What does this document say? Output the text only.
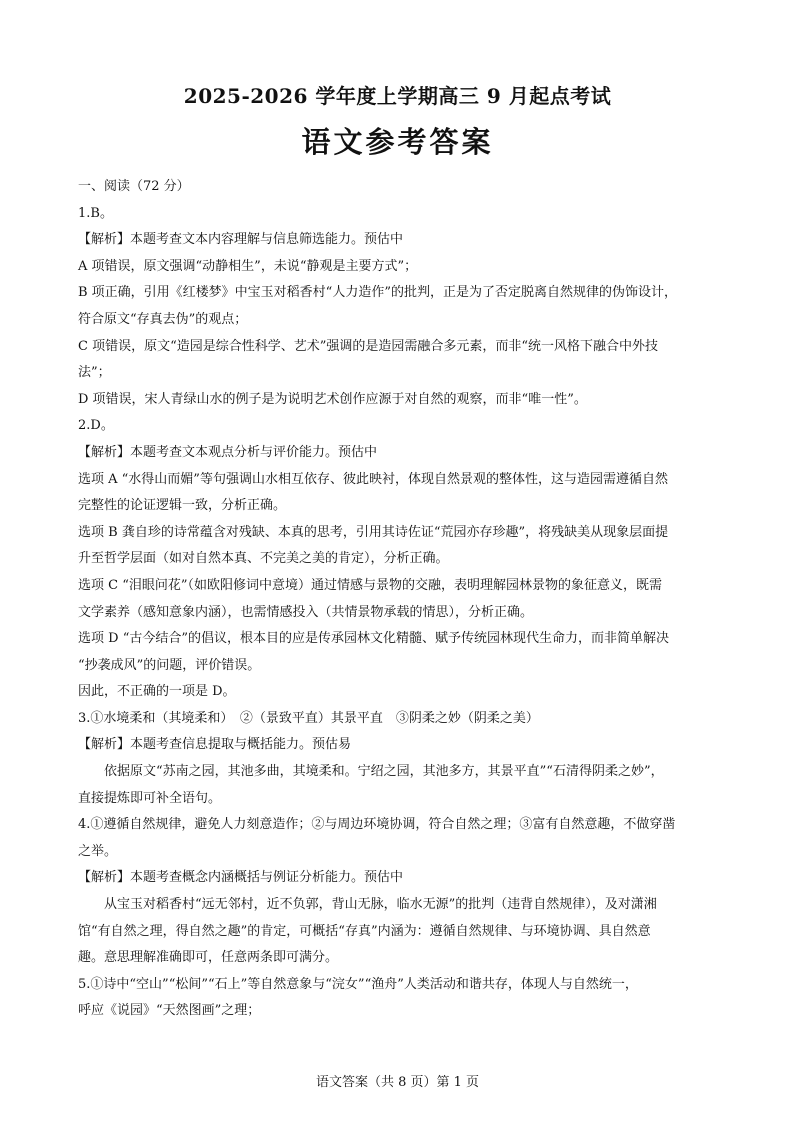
2025-2026 学年度上学期高三 9 月起点考试
语文参考答案

一、阅读（72 分）

1.B。

【解析】本题考查文本内容理解与信息筛选能力。预估中

A 项错误，原文强调“动静相生”，未说“静观是主要方式”；

B 项正确，引用《红楼梦》中宝玉对稻香村“人力造作”的批判，正是为了否定脱离自然规律的伪饰设计，

符合原文“存真去伪”的观点；

C 项错误，原文“造园是综合性科学、艺术”强调的是造园需融合多元素，而非“统一风格下融合中外技

法”；

D 项错误，宋人青绿山水的例子是为说明艺术创作应源于对自然的观察，而非“唯一性”。

2.D。

【解析】本题考查文本观点分析与评价能力。预估中

选项 A “水得山而媚”等句强调山水相互依存、彼此映衬，体现自然景观的整体性，这与造园需遵循自然

完整性的论证逻辑一致，分析正确。

选项 B 龚自珍的诗常蕴含对残缺、本真的思考，引用其诗佐证“荒园亦存珍趣”，将残缺美从现象层面提

升至哲学层面（如对自然本真、不完美之美的肯定），分析正确。

选项 C “泪眼问花”（如欧阳修词中意境）通过情感与景物的交融，表明理解园林景物的象征意义，既需

文学素养（感知意象内涵），也需情感投入（共情景物承载的情思），分析正确。

选项 D “古今结合”的倡议，根本目的应是传承园林文化精髓、赋予传统园林现代生命力，而非简单解决

“抄袭成风”的问题，评价错误。

因此，不正确的一项是 D。

3.①水境柔和（其境柔和）　②（景致平直）其景平直　③阴柔之妙（阴柔之美）

【解析】本题考查信息提取与概括能力。预估易

依据原文“苏南之园，其池多曲，其境柔和。宁绍之园，其池多方，其景平直”“石清得阴柔之妙”，

直接提炼即可补全语句。

4.①遵循自然规律，避免人力刻意造作；②与周边环境协调，符合自然之理；③富有自然意趣，不做穿凿

之举。

【解析】本题考查概念内涵概括与例证分析能力。预估中

从宝玉对稻香村“远无邻村，近不负郭，背山无脉，临水无源”的批判（违背自然规律），及对潇湘

馆“有自然之理，得自然之趣”的肯定，可概括“存真”内涵为：遵循自然规律、与环境协调、具自然意

趣。意思理解准确即可，任意两条即可满分。

5.①诗中“空山”“松间”“石上”等自然意象与“浣女”“渔舟”人类活动和谐共存，体现人与自然统一，

呼应《说园》“天然图画”之理；

语文答案（共 8 页）第 1 页
